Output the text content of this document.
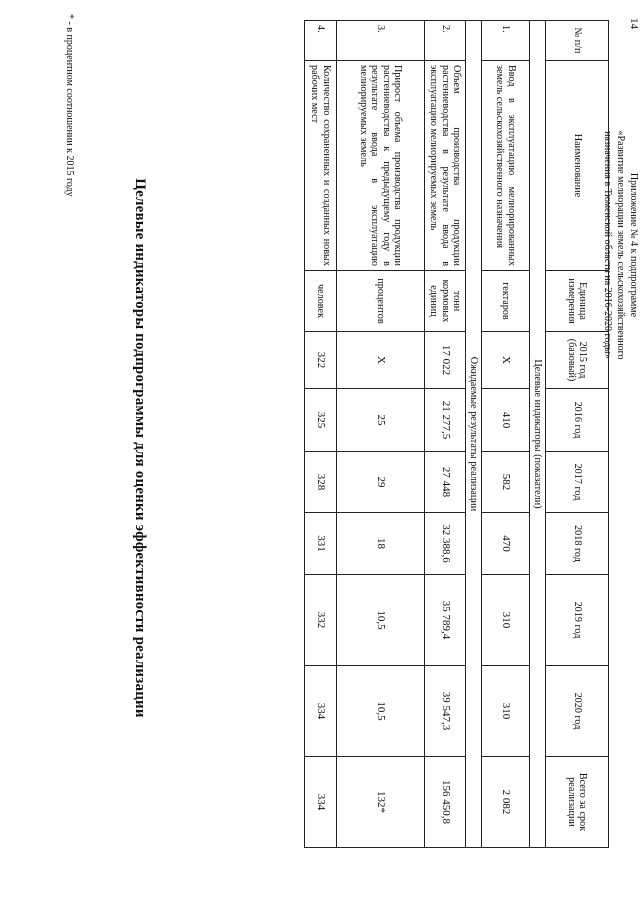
14
Приложение № 4 к подпрограмме
«Развитие мелиорации земель сельскохозяйственного
назначения в Тюменской области на 2016-2020 годы»
№ п/п	Наименование	Единица измерения	2015 год (базовый)	2016 год	2017 год	2018 год	2019 год	2020 год	Всего за срок реализации
Целевые индикаторы (показатели)									
1.	Ввод в эксплуатацию мелиорированных земель сельскохозяйственного назначения	гектаров	Х	410	582	470	310	310	2 082
Ожидаемые результаты реализации									
2.	Объем производства продукции растениеводства в результате ввода в эксплуатацию мелиорируемых земель	тонн кормовых единиц	17 022	21 277,5	27 448	32 388,6	35 789,4	39 547,3	156 450,8
3.	Прирост объема производства продукции растениеводства к предыдущему году в результате ввода в эксплуатацию мелиорируемых земель	процентов	Х	25	29	18	10,5	10,5	132*
4.	Количество сохраненных и созданных новых рабочих мест	человек	322	325	328	331	332	334	334
Целевые индикаторы подпрограммы для оценки эффективности реализации
* - в процентном соотношении к 2015 году
